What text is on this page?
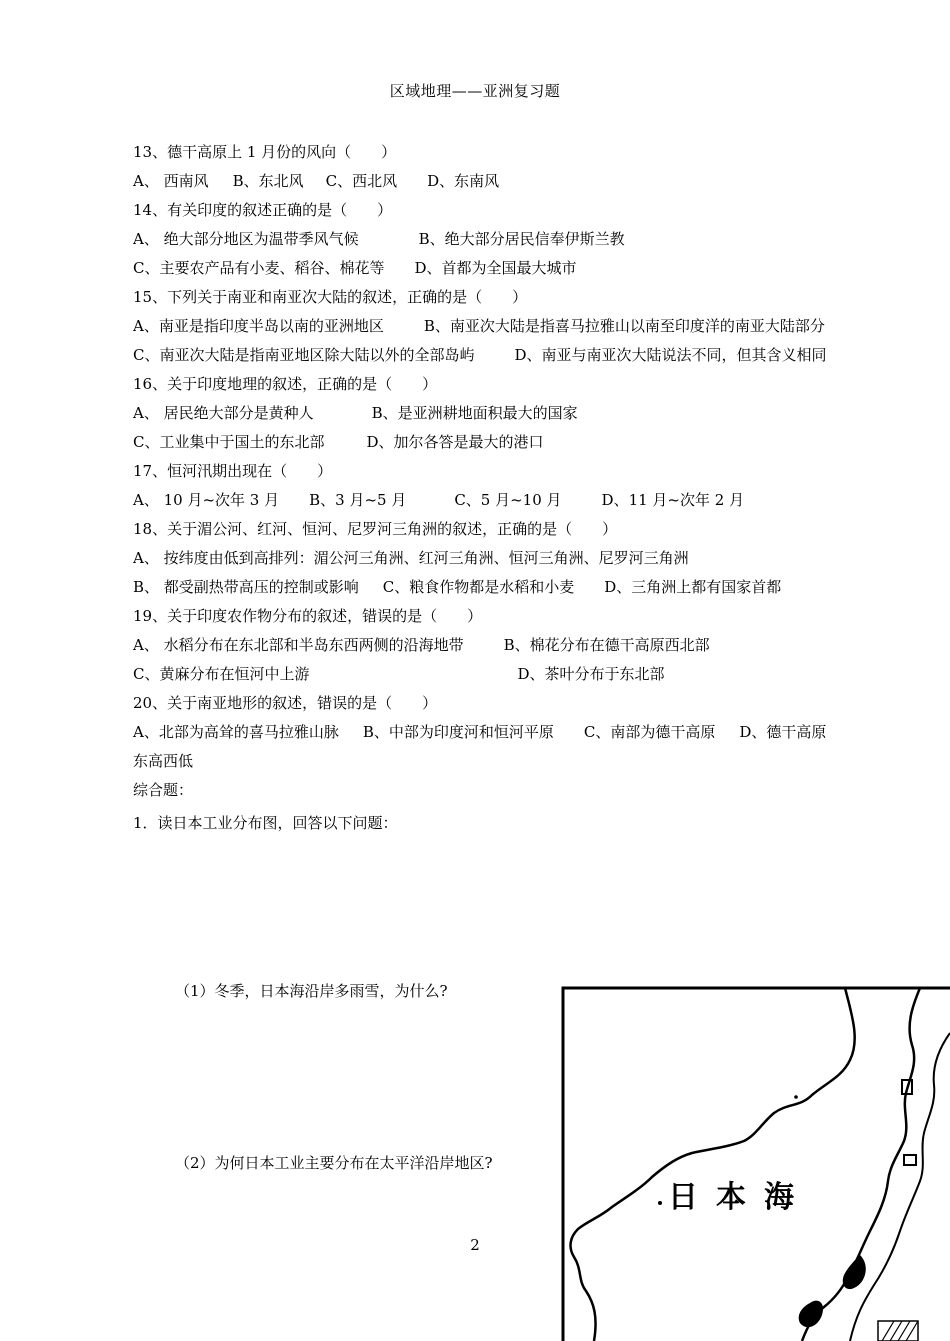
区域地理——亚洲复习题
13、德干高原上 1 月份的风向（　　）
A、 西南风 B、东北风 C、西北风 D、东南风
14、有关印度的叙述正确的是（　　）
A、 绝大部分地区为温带季风气候	B、绝大部分居民信奉伊斯兰教
C、主要农产品有小麦、稻谷、棉花等 D、首都为全国最大城市
15、下列关于南亚和南亚次大陆的叙述，正确的是（　　）
A、南亚是指印度半岛以南的亚洲地区	B、南亚次大陆是指喜马拉雅山以南至印度洋的南亚大陆部分
C、南亚次大陆是指南亚地区除大陆以外的全部岛屿	D、南亚与南亚次大陆说法不同，但其含义相同
16、关于印度地理的叙述，正确的是（　　）
A、 居民绝大部分是黄种人	B、是亚洲耕地面积最大的国家
C、工业集中于国土的东北部	D、加尔各答是最大的港口
17、恒河汛期出现在（　　）
A、 10 月~次年 3 月 B、3 月~5 月	C、5 月~10 月	D、11 月~次年 2 月
18、关于湄公河、红河、恒河、尼罗河三角洲的叙述，正确的是（　　）
A、 按纬度由低到高排列：湄公河三角洲、红河三角洲、恒河三角洲、尼罗河三角洲
B、 都受副热带高压的控制或影响 C、粮食作物都是水稻和小麦 D、三角洲上都有国家首都
19、关于印度农作物分布的叙述，错误的是（　　）
A、 水稻分布在东北部和半岛东西两侧的沿海地带	B、棉花分布在德干高原西北部
C、黄麻分布在恒河中上游	D、茶叶分布于东北部
20、关于南亚地形的叙述，错误的是（　　）
A、北部为高耸的喜马拉雅山脉 B、中部为印度河和恒河平原 C、南部为德干高原 D、德干高原东高西低
综合题：
1．读日本工业分布图，回答以下问题：
（1）冬季，日本海沿岸多雨雪，为什么?
（2）为何日本工业主要分布在太平洋沿岸地区?
2
日本海
